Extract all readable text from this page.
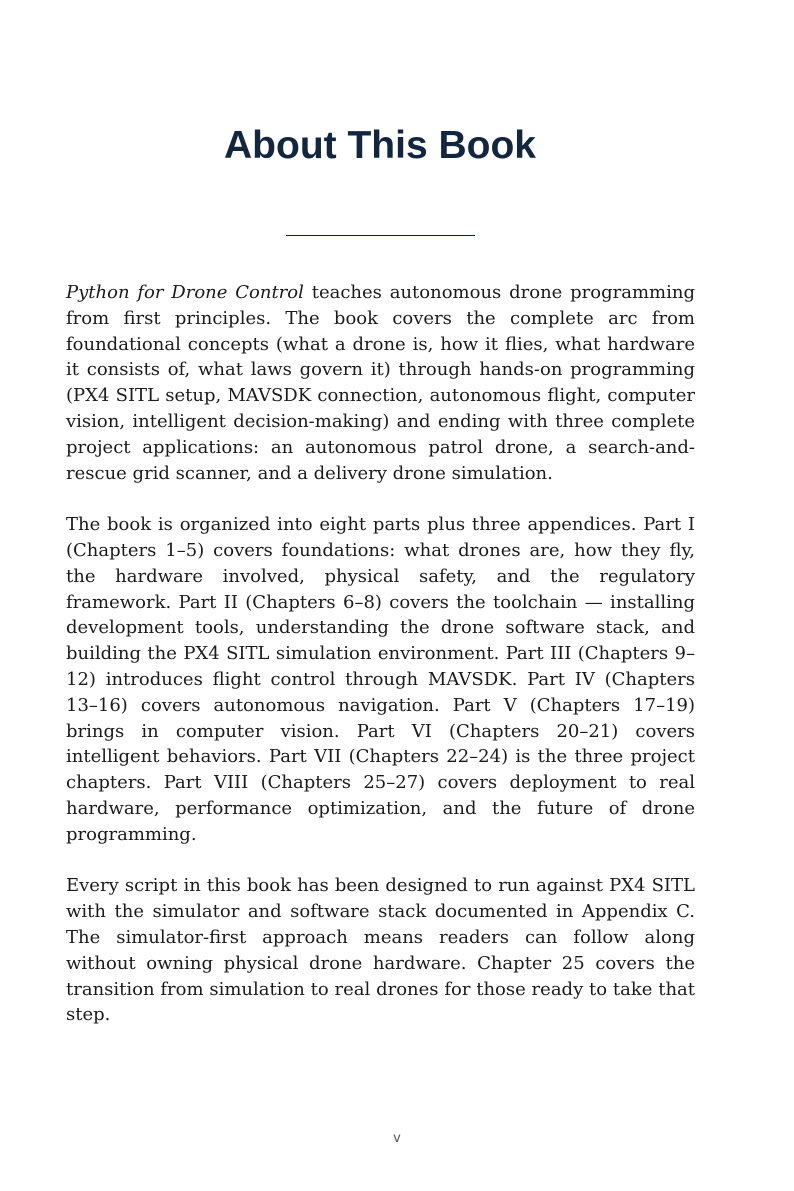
About This Book

Python for Drone Control teaches autonomous drone programming from first principles. The book covers the complete arc from foundational concepts (what a drone is, how it flies, what hardware it consists of, what laws govern it) through hands-on programming (PX4 SITL setup, MAVSDK connection, autonomous flight, computer vision, intelligent decision-making) and ending with three complete project applications: an autonomous patrol drone, a search-and-rescue grid scanner, and a delivery drone simulation.

The book is organized into eight parts plus three appendices. Part I (Chapters 1–5) covers foundations: what drones are, how they fly, the hardware involved, physical safety, and the regulatory framework. Part II (Chapters 6–8) covers the toolchain — installing development tools, understanding the drone software stack, and building the PX4 SITL simulation environment. Part III (Chapters 9–12) introduces flight control through MAVSDK. Part IV (Chapters 13–16) covers autonomous navigation. Part V (Chapters 17–19) brings in computer vision. Part VI (Chapters 20–21) covers intelligent behaviors. Part VII (Chapters 22–24) is the three project chapters. Part VIII (Chapters 25–27) covers deployment to real hardware, performance optimization, and the future of drone programming.

Every script in this book has been designed to run against PX4 SITL with the simulator and software stack documented in Appendix C. The simulator-first approach means readers can follow along without owning physical drone hardware. Chapter 25 covers the transition from simulation to real drones for those ready to take that step.

v
